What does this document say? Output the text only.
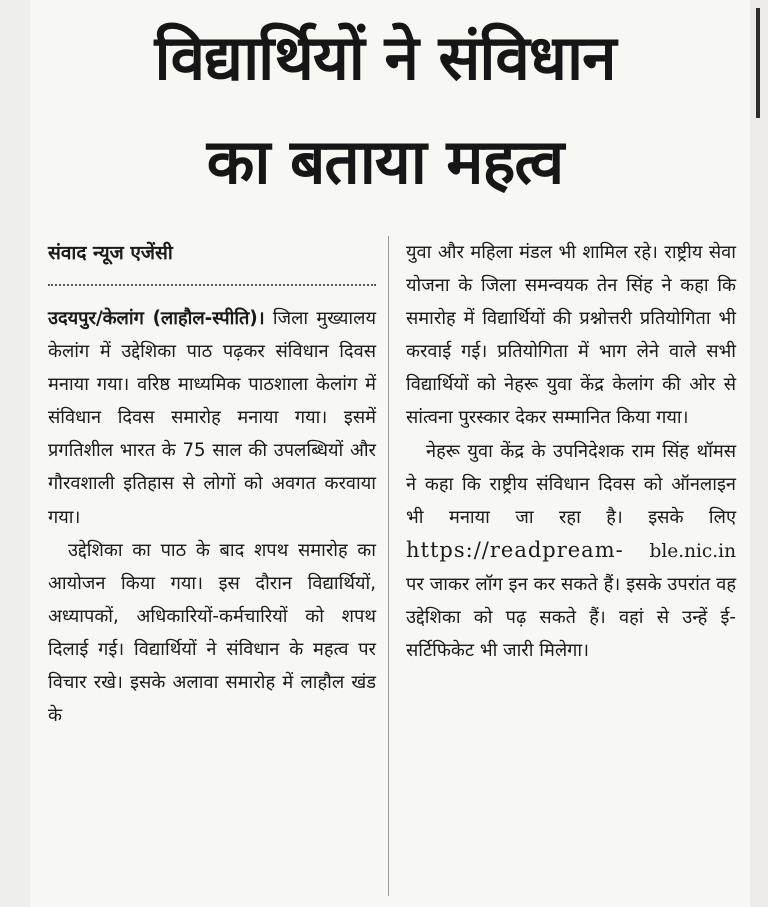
विद्यार्थियों ने संविधान
का बताया महत्व
संवाद न्यूज एजेंसी

उदयपुर/केलांग (लाहौल-स्पीति)। जिला मुख्यालय केलांग में उद्देशिका पाठ पढ़कर संविधान दिवस मनाया गया। वरिष्ठ माध्यमिक पाठशाला केलांग में संविधान दिवस समारोह मनाया गया। इसमें प्रगतिशील भारत के 75 साल की उपलब्धियों और गौरवशाली इतिहास से लोगों को अवगत करवाया गया।

उद्देशिका का पाठ के बाद शपथ समारोह का आयोजन किया गया। इस दौरान विद्यार्थियों, अध्यापकों, अधिकारियों-कर्मचारियों को शपथ दिलाई गई। विद्यार्थियों ने संविधान के महत्व पर विचार रखे। इसके अलावा समारोह में लाहौल खंड के

युवा और महिला मंडल भी शामिल रहे। राष्ट्रीय सेवा योजना के जिला समन्वयक तेन सिंह ने कहा कि समारोह में विद्यार्थियों की प्रश्नोत्तरी प्रतियोगिता भी करवाई गई। प्रतियोगिता में भाग लेने वाले सभी विद्यार्थियों को नेहरू युवा केंद्र केलांग की ओर से सांत्वना पुरस्कार देकर सम्मानित किया गया।

नेहरू युवा केंद्र के उपनिदेशक राम सिंह थॉमस ने कहा कि राष्ट्रीय संविधान दिवस को ऑनलाइन भी मनाया जा रहा है। इसके लिए https://readpream- ble.nic.in पर जाकर लॉग इन कर सकते हैं। इसके उपरांत वह उद्देशिका को पढ़ सकते हैं। वहां से उन्हें ई-सर्टिफिकेट भी जारी मिलेगा।
